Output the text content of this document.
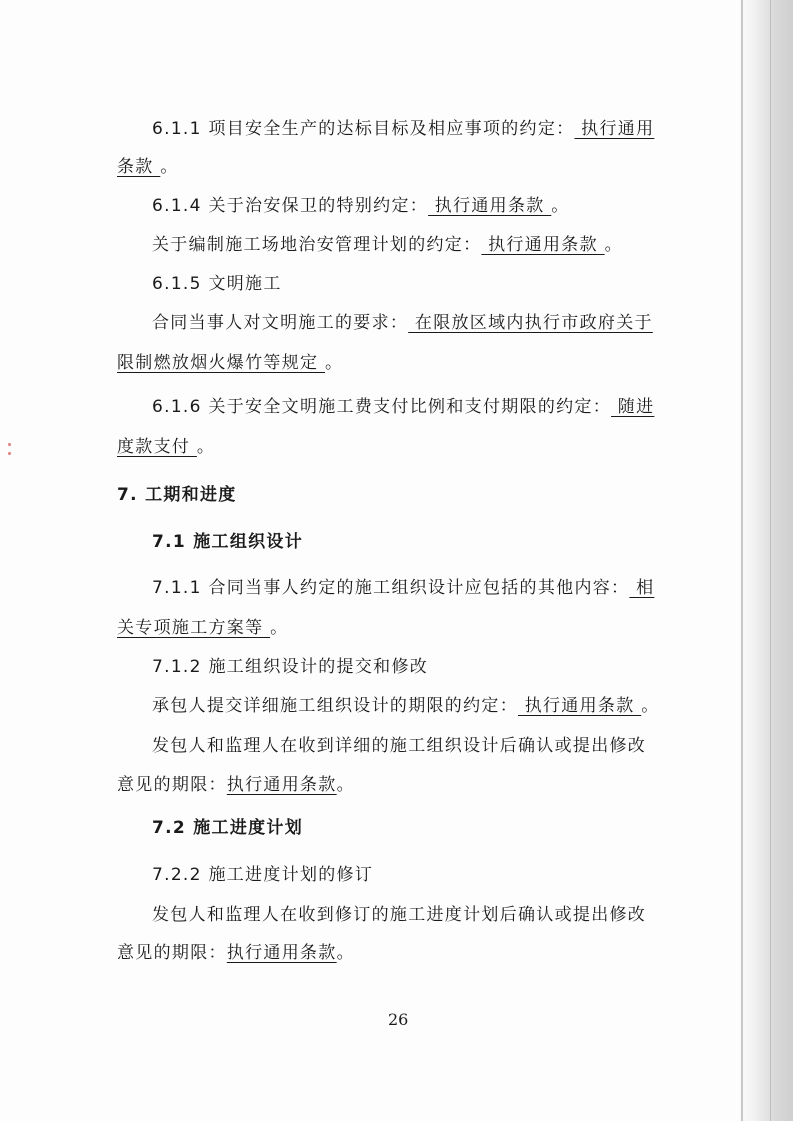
6.1.1 项目安全生产的达标目标及相应事项的约定： 执行通用
条款 。
6.1.4 关于治安保卫的特别约定： 执行通用条款 。
关于编制施工场地治安管理计划的约定： 执行通用条款 。
6.1.5 文明施工
合同当事人对文明施工的要求： 在限放区域内执行市政府关于
限制燃放烟火爆竹等规定 。
6.1.6 关于安全文明施工费支付比例和支付期限的约定： 随进
度款支付 。
7. 工期和进度
7.1 施工组织设计
7.1.1 合同当事人约定的施工组织设计应包括的其他内容： 相
关专项施工方案等 。
7.1.2 施工组织设计的提交和修改
承包人提交详细施工组织设计的期限的约定： 执行通用条款 。
发包人和监理人在收到详细的施工组织设计后确认或提出修改
意见的期限：执行通用条款。
7.2 施工进度计划
7.2.2 施工进度计划的修订
发包人和监理人在收到修订的施工进度计划后确认或提出修改
意见的期限：执行通用条款。
26
